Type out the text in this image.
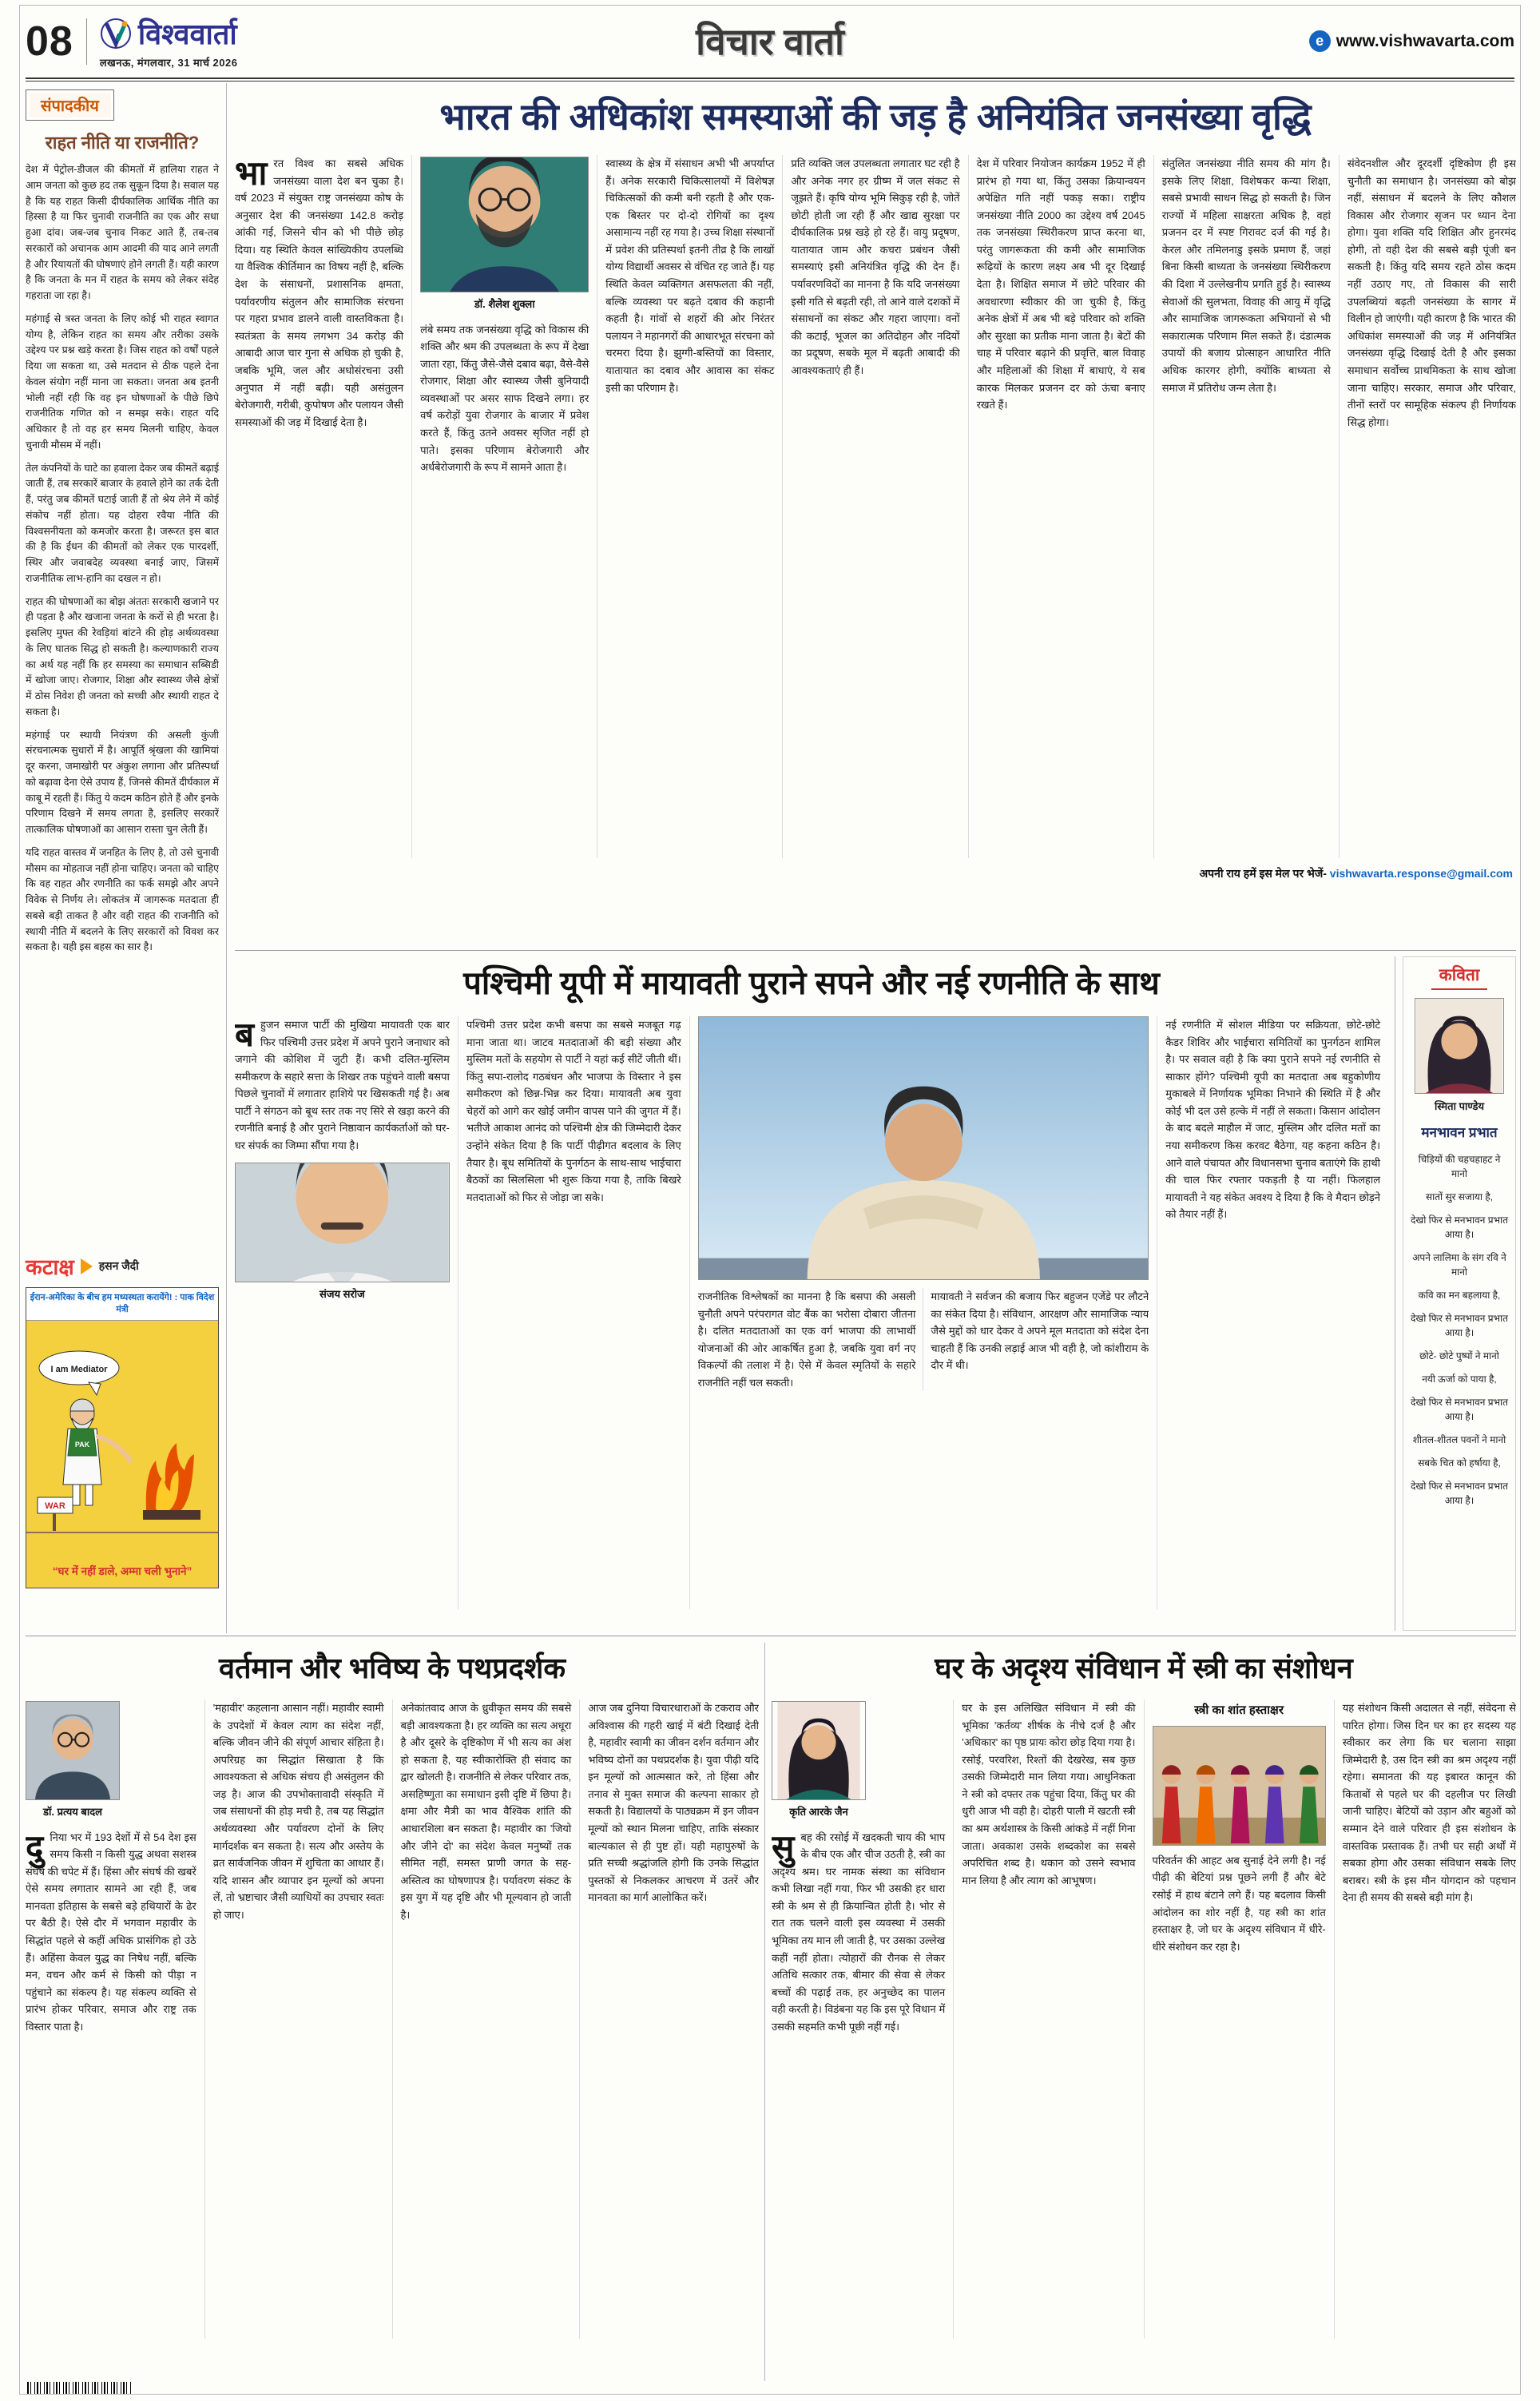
08 विश्ववार्ता
लखनऊ, मंगलवार, 31 मार्च 2026
विचार वार्ता	e www.vishwavarta.com
संपादकीय
राहत नीति या राजनीति?

देश में पेट्रोल-डीजल की कीमतों में हालिया राहत ने आम जनता को कुछ हद तक सुकून दिया है। सवाल यह है कि यह राहत किसी दीर्घकालिक आर्थिक नीति का हिस्सा है या फिर चुनावी राजनीति का एक और सधा हुआ दांव। जब-जब चुनाव निकट आते हैं, तब-तब सरकारों को अचानक आम आदमी की याद आने लगती है और रियायतों की घोषणाएं होने लगती हैं। यही कारण है कि जनता के मन में राहत के समय को लेकर संदेह गहराता जा रहा है।

महंगाई से त्रस्त जनता के लिए कोई भी राहत स्वागत योग्य है, लेकिन राहत का समय और तरीका उसके उद्देश्य पर प्रश्न खड़े करता है। जिस राहत को वर्षों पहले दिया जा सकता था, उसे मतदान से ठीक पहले देना केवल संयोग नहीं माना जा सकता। जनता अब इतनी भोली नहीं रही कि वह इन घोषणाओं के पीछे छिपे राजनीतिक गणित को न समझ सके। राहत यदि अधिकार है तो वह हर समय मिलनी चाहिए, केवल चुनावी मौसम में नहीं।

तेल कंपनियों के घाटे का हवाला देकर जब कीमतें बढ़ाई जाती हैं, तब सरकारें बाजार के हवाले होने का तर्क देती हैं, परंतु जब कीमतें घटाई जाती हैं तो श्रेय लेने में कोई संकोच नहीं होता। यह दोहरा रवैया नीति की विश्वसनीयता को कमजोर करता है। जरूरत इस बात की है कि ईंधन की कीमतों को लेकर एक पारदर्शी, स्थिर और जवाबदेह व्यवस्था बनाई जाए, जिसमें राजनीतिक लाभ-हानि का दखल न हो।

राहत की घोषणाओं का बोझ अंततः सरकारी खजाने पर ही पड़ता है और खजाना जनता के करों से ही भरता है। इसलिए मुफ्त की रेवड़ियां बांटने की होड़ अर्थव्यवस्था के लिए घातक सिद्ध हो सकती है। कल्याणकारी राज्य का अर्थ यह नहीं कि हर समस्या का समाधान सब्सिडी में खोजा जाए। रोजगार, शिक्षा और स्वास्थ्य जैसे क्षेत्रों में ठोस निवेश ही जनता को सच्ची और स्थायी राहत दे सकता है।

महंगाई पर स्थायी नियंत्रण की असली कुंजी संरचनात्मक सुधारों में है। आपूर्ति श्रृंखला की खामियां दूर करना, जमाखोरी पर अंकुश लगाना और प्रतिस्पर्धा को बढ़ावा देना ऐसे उपाय हैं, जिनसे कीमतें दीर्घकाल में काबू में रहती हैं। किंतु ये कदम कठिन होते हैं और इनके परिणाम दिखने में समय लगता है, इसलिए सरकारें तात्कालिक घोषणाओं का आसान रास्ता चुन लेती हैं।

यदि राहत वास्तव में जनहित के लिए है, तो उसे चुनावी मौसम का मोहताज नहीं होना चाहिए। जनता को चाहिए कि वह राहत और रणनीति का फर्क समझे और अपने विवेक से निर्णय ले। लोकतंत्र में जागरूक मतदाता ही सबसे बड़ी ताकत है और वही राहत की राजनीति को स्थायी नीति में बदलने के लिए सरकारों को विवश कर सकता है। यही इस बहस का सार है।

भारत की अधिकांश समस्याओं की जड़ है अनियंत्रित जनसंख्या वृद्धि
भारत विश्व का सबसे अधिक जनसंख्या वाला देश बन चुका है। वर्ष 2023 में संयुक्त राष्ट्र जनसंख्या कोष के अनुसार देश की जनसंख्या 142.8 करोड़ आंकी गई, जिसने चीन को भी पीछे छोड़ दिया। यह स्थिति केवल सांख्यिकीय उपलब्धि या वैश्विक कीर्तिमान का विषय नहीं है, बल्कि देश के संसाधनों, प्रशासनिक क्षमता, पर्यावरणीय संतुलन और सामाजिक संरचना पर गहरा प्रभाव डालने वाली वास्तविकता है। स्वतंत्रता के समय लगभग 34 करोड़ की आबादी आज चार गुना से अधिक हो चुकी है, जबकि भूमि, जल और अधोसंरचना उसी अनुपात में नहीं बढ़ी। यही असंतुलन बेरोजगारी, गरीबी, कुपोषण और पलायन जैसी समस्याओं की जड़ में दिखाई देता है।
डॉ. शैलेश शुक्ला
लंबे समय तक जनसंख्या वृद्धि को विकास की शक्ति और श्रम की उपलब्धता के रूप में देखा जाता रहा, किंतु जैसे-जैसे दबाव बढ़ा, वैसे-वैसे रोजगार, शिक्षा और स्वास्थ्य जैसी बुनियादी व्यवस्थाओं पर असर साफ दिखने लगा। हर वर्ष करोड़ों युवा रोजगार के बाजार में प्रवेश करते हैं, किंतु उतने अवसर सृजित नहीं हो पाते। इसका परिणाम बेरोजगारी और अर्धबेरोजगारी के रूप में सामने आता है।
स्वास्थ्य के क्षेत्र में संसाधन अभी भी अपर्याप्त हैं। अनेक सरकारी चिकित्सालयों में विशेषज्ञ चिकित्सकों की कमी बनी रहती है और एक-एक बिस्तर पर दो-दो रोगियों का दृश्य असामान्य नहीं रह गया है। उच्च शिक्षा संस्थानों में प्रवेश की प्रतिस्पर्धा इतनी तीव्र है कि लाखों योग्य विद्यार्थी अवसर से वंचित रह जाते हैं। यह स्थिति केवल व्यक्तिगत असफलता की नहीं, बल्कि व्यवस्था पर बढ़ते दबाव की कहानी कहती है। गांवों से शहरों की ओर निरंतर पलायन ने महानगरों की आधारभूत संरचना को चरमरा दिया है। झुग्गी-बस्तियों का विस्तार, यातायात का दबाव और आवास का संकट इसी का परिणाम है।
प्रति व्यक्ति जल उपलब्धता लगातार घट रही है और अनेक नगर हर ग्रीष्म में जल संकट से जूझते हैं। कृषि योग्य भूमि सिकुड़ रही है, जोतें छोटी होती जा रही हैं और खाद्य सुरक्षा पर दीर्घकालिक प्रश्न खड़े हो रहे हैं। वायु प्रदूषण, यातायात जाम और कचरा प्रबंधन जैसी समस्याएं इसी अनियंत्रित वृद्धि की देन हैं। पर्यावरणविदों का मानना है कि यदि जनसंख्या इसी गति से बढ़ती रही, तो आने वाले दशकों में संसाधनों का संकट और गहरा जाएगा। वनों की कटाई, भूजल का अतिदोहन और नदियों का प्रदूषण, सबके मूल में बढ़ती आबादी की आवश्यकताएं ही हैं।
देश में परिवार नियोजन कार्यक्रम 1952 में ही प्रारंभ हो गया था, किंतु उसका क्रियान्वयन अपेक्षित गति नहीं पकड़ सका। राष्ट्रीय जनसंख्या नीति 2000 का उद्देश्य वर्ष 2045 तक जनसंख्या स्थिरीकरण प्राप्त करना था, परंतु जागरूकता की कमी और सामाजिक रूढ़ियों के कारण लक्ष्य अब भी दूर दिखाई देता है। शिक्षित समाज में छोटे परिवार की अवधारणा स्वीकार की जा चुकी है, किंतु अनेक क्षेत्रों में अब भी बड़े परिवार को शक्ति और सुरक्षा का प्रतीक माना जाता है। बेटों की चाह में परिवार बढ़ाने की प्रवृत्ति, बाल विवाह और महिलाओं की शिक्षा में बाधाएं, ये सब कारक मिलकर प्रजनन दर को ऊंचा बनाए रखते हैं।
संतुलित जनसंख्या नीति समय की मांग है। इसके लिए शिक्षा, विशेषकर कन्या शिक्षा, सबसे प्रभावी साधन सिद्ध हो सकती है। जिन राज्यों में महिला साक्षरता अधिक है, वहां प्रजनन दर में स्पष्ट गिरावट दर्ज की गई है। केरल और तमिलनाडु इसके प्रमाण हैं, जहां बिना किसी बाध्यता के जनसंख्या स्थिरीकरण की दिशा में उल्लेखनीय प्रगति हुई है। स्वास्थ्य सेवाओं की सुलभता, विवाह की आयु में वृद्धि और सामाजिक जागरूकता अभियानों से भी सकारात्मक परिणाम मिल सकते हैं। दंडात्मक उपायों की बजाय प्रोत्साहन आधारित नीति अधिक कारगर होगी, क्योंकि बाध्यता से समाज में प्रतिरोध जन्म लेता है।
संवेदनशील और दूरदर्शी दृष्टिकोण ही इस चुनौती का समाधान है। जनसंख्या को बोझ नहीं, संसाधन में बदलने के लिए कौशल विकास और रोजगार सृजन पर ध्यान देना होगा। युवा शक्ति यदि शिक्षित और हुनरमंद होगी, तो वही देश की सबसे बड़ी पूंजी बन सकती है। किंतु यदि समय रहते ठोस कदम नहीं उठाए गए, तो विकास की सारी उपलब्धियां बढ़ती जनसंख्या के सागर में विलीन हो जाएंगी। यही कारण है कि भारत की अधिकांश समस्याओं की जड़ में अनियंत्रित जनसंख्या वृद्धि दिखाई देती है और इसका समाधान सर्वोच्च प्राथमिकता के साथ खोजा जाना चाहिए। सरकार, समाज और परिवार, तीनों स्तरों पर सामूहिक संकल्प ही निर्णायक सिद्ध होगा।
अपनी राय हमें इस मेल पर भेजें- vishwavarta.response@gmail.com
पश्चिमी यूपी में मायावती पुराने सपने और नई रणनीति के साथ
बहुजन समाज पार्टी की मुखिया मायावती एक बार फिर पश्चिमी उत्तर प्रदेश में अपने पुराने जनाधार को जगाने की कोशिश में जुटी हैं। कभी दलित-मुस्लिम समीकरण के सहारे सत्ता के शिखर तक पहुंचने वाली बसपा पिछले चुनावों में लगातार हाशिये पर खिसकती गई है। अब पार्टी ने संगठन को बूथ स्तर तक नए सिरे से खड़ा करने की रणनीति बनाई है और पुराने निष्ठावान कार्यकर्ताओं को घर-घर संपर्क का जिम्मा सौंपा गया है।
संजय सरोज
पश्चिमी उत्तर प्रदेश कभी बसपा का सबसे मजबूत गढ़ माना जाता था। जाटव मतदाताओं की बड़ी संख्या और मुस्लिम मतों के सहयोग से पार्टी ने यहां कई सीटें जीती थीं। किंतु सपा-रालोद गठबंधन और भाजपा के विस्तार ने इस समीकरण को छिन्न-भिन्न कर दिया। मायावती अब युवा चेहरों को आगे कर खोई जमीन वापस पाने की जुगत में हैं। भतीजे आकाश आनंद को पश्चिमी क्षेत्र की जिम्मेदारी देकर उन्होंने संकेत दिया है कि पार्टी पीढ़ीगत बदलाव के लिए तैयार है। बूथ समितियों के पुनर्गठन के साथ-साथ भाईचारा बैठकों का सिलसिला भी शुरू किया गया है, ताकि बिखरे मतदाताओं को फिर से जोड़ा जा सके।
राजनीतिक विश्लेषकों का मानना है कि बसपा की असली चुनौती अपने परंपरागत वोट बैंक का भरोसा दोबारा जीतना है। दलित मतदाताओं का एक वर्ग भाजपा की लाभार्थी योजनाओं की ओर आकर्षित हुआ है, जबकि युवा वर्ग नए विकल्पों की तलाश में है। ऐसे में केवल स्मृतियों के सहारे राजनीति नहीं चल सकती।
मायावती ने सर्वजन की बजाय फिर बहुजन एजेंडे पर लौटने का संकेत दिया है। संविधान, आरक्षण और सामाजिक न्याय जैसे मुद्दों को धार देकर वे अपने मूल मतदाता को संदेश देना चाहती हैं कि उनकी लड़ाई आज भी वही है, जो कांशीराम के दौर में थी।
नई रणनीति में सोशल मीडिया पर सक्रियता, छोटे-छोटे कैडर शिविर और भाईचारा समितियों का पुनर्गठन शामिल है। पर सवाल वही है कि क्या पुराने सपने नई रणनीति से साकार होंगे? पश्चिमी यूपी का मतदाता अब बहुकोणीय मुकाबले में निर्णायक भूमिका निभाने की स्थिति में है और कोई भी दल उसे हल्के में नहीं ले सकता। किसान आंदोलन के बाद बदले माहौल में जाट, मुस्लिम और दलित मतों का नया समीकरण किस करवट बैठेगा, यह कहना कठिन है। आने वाले पंचायत और विधानसभा चुनाव बताएंगे कि हाथी की चाल फिर रफ्तार पकड़ती है या नहीं। फिलहाल मायावती ने यह संकेत अवश्य दे दिया है कि वे मैदान छोड़ने को तैयार नहीं हैं।
कविता
स्मिता पाण्डेय
मनभावन प्रभात
चिड़ियों की चहचहाहट ने मानो
सातों सुर सजाया है,
देखो फिर से मनभावन प्रभात आया है।
अपने लालिमा के संग रवि ने मानो
कवि का मन बहलाया है,
देखो फिर से मनभावन प्रभात आया है।
छोटे- छोटे पुष्पों ने मानो
नयी ऊर्जा को पाया है,
देखो फिर से मनभावन प्रभात आया है।
शीतल-शीतल पवनों ने मानो
सबके चित को हर्षाया है,
देखो फिर से मनभावन प्रभात आया है।
कटाक्ष हसन जैदी
ईरान-अमेरिका के बीच हम मध्यस्थता करायेंगे! : पाक विदेश मंत्री
I am Mediator
PAK
WAR
“घर में नहीं डाले, अम्मा चली भुनाने”
वर्तमान और भविष्य के पथप्रदर्शक
डॉ. प्रत्यय बादल
दु निया भर में 193 देशों में से 54 देश इस समय किसी न किसी युद्ध अथवा सशस्त्र संघर्ष की चपेट में हैं। हिंसा और संघर्ष की खबरें ऐसे समय लगातार सामने आ रही हैं, जब मानवता इतिहास के सबसे बड़े हथियारों के ढेर पर बैठी है। ऐसे दौर में भगवान महावीर के सिद्धांत पहले से कहीं अधिक प्रासंगिक हो उठे हैं। अहिंसा केवल युद्ध का निषेध नहीं, बल्कि मन, वचन और कर्म से किसी को पीड़ा न पहुंचाने का संकल्प है। यह संकल्प व्यक्ति से प्रारंभ होकर परिवार, समाज और राष्ट्र तक विस्तार पाता है।
'महावीर' कहलाना आसान नहीं। महावीर स्वामी के उपदेशों में केवल त्याग का संदेश नहीं, बल्कि जीवन जीने की संपूर्ण आचार संहिता है। अपरिग्रह का सिद्धांत सिखाता है कि आवश्यकता से अधिक संचय ही असंतुलन की जड़ है। आज की उपभोक्तावादी संस्कृति में जब संसाधनों की होड़ मची है, तब यह सिद्धांत अर्थव्यवस्था और पर्यावरण दोनों के लिए मार्गदर्शक बन सकता है। सत्य और अस्तेय के व्रत सार्वजनिक जीवन में शुचिता का आधार हैं। यदि शासन और व्यापार इन मूल्यों को अपना लें, तो भ्रष्टाचार जैसी व्याधियों का उपचार स्वतः हो जाए।
अनेकांतवाद आज के ध्रुवीकृत समय की सबसे बड़ी आवश्यकता है। हर व्यक्ति का सत्य अधूरा है और दूसरे के दृष्टिकोण में भी सत्य का अंश हो सकता है, यह स्वीकारोक्ति ही संवाद का द्वार खोलती है। राजनीति से लेकर परिवार तक, असहिष्णुता का समाधान इसी दृष्टि में छिपा है। क्षमा और मैत्री का भाव वैश्विक शांति की आधारशिला बन सकता है। महावीर का 'जियो और जीने दो' का संदेश केवल मनुष्यों तक सीमित नहीं, समस्त प्राणी जगत के सह-अस्तित्व का घोषणापत्र है। पर्यावरण संकट के इस युग में यह दृष्टि और भी मूल्यवान हो जाती है।
आज जब दुनिया विचारधाराओं के टकराव और अविश्वास की गहरी खाई में बंटी दिखाई देती है, महावीर स्वामी का जीवन दर्शन वर्तमान और भविष्य दोनों का पथप्रदर्शक है। युवा पीढ़ी यदि इन मूल्यों को आत्मसात करे, तो हिंसा और तनाव से मुक्त समाज की कल्पना साकार हो सकती है। विद्यालयों के पाठ्यक्रम में इन जीवन मूल्यों को स्थान मिलना चाहिए, ताकि संस्कार बाल्यकाल से ही पुष्ट हों। यही महापुरुषों के प्रति सच्ची श्रद्धांजलि होगी कि उनके सिद्धांत पुस्तकों से निकलकर आचरण में उतरें और मानवता का मार्ग आलोकित करें।
घर के अदृश्य संविधान में स्त्री का संशोधन
कृति आरके जैन
सु बह की रसोई में खदकती चाय की भाप के बीच एक और चीज उठती है, स्त्री का अदृश्य श्रम। घर नामक संस्था का संविधान कभी लिखा नहीं गया, फिर भी उसकी हर धारा स्त्री के श्रम से ही क्रियान्वित होती है। भोर से रात तक चलने वाली इस व्यवस्था में उसकी भूमिका तय मान ली जाती है, पर उसका उल्लेख कहीं नहीं होता। त्योहारों की रौनक से लेकर अतिथि सत्कार तक, बीमार की सेवा से लेकर बच्चों की पढ़ाई तक, हर अनुच्छेद का पालन वही करती है। विडंबना यह कि इस पूरे विधान में उसकी सहमति कभी पूछी नहीं गई।
घर के इस अलिखित संविधान में स्त्री की भूमिका 'कर्तव्य' शीर्षक के नीचे दर्ज है और 'अधिकार' का पृष्ठ प्रायः कोरा छोड़ दिया गया है। रसोई, परवरिश, रिश्तों की देखरेख, सब कुछ उसकी जिम्मेदारी मान लिया गया। आधुनिकता ने स्त्री को दफ्तर तक पहुंचा दिया, किंतु घर की धुरी आज भी वही है। दोहरी पाली में खटती स्त्री का श्रम अर्थशास्त्र के किसी आंकड़े में नहीं गिना जाता। अवकाश उसके शब्दकोश का सबसे अपरिचित शब्द है। थकान को उसने स्वभाव मान लिया है और त्याग को आभूषण।
स्त्री का शांत हस्ताक्षर
परिवर्तन की आहट अब सुनाई देने लगी है। नई पीढ़ी की बेटियां प्रश्न पूछने लगी हैं और बेटे रसोई में हाथ बंटाने लगे हैं। यह बदलाव किसी आंदोलन का शोर नहीं है, यह स्त्री का शांत हस्ताक्षर है, जो घर के अदृश्य संविधान में धीरे-धीरे संशोधन कर रहा है।
यह संशोधन किसी अदालत से नहीं, संवेदना से पारित होगा। जिस दिन घर का हर सदस्य यह स्वीकार कर लेगा कि घर चलाना साझा जिम्मेदारी है, उस दिन स्त्री का श्रम अदृश्य नहीं रहेगा। समानता की यह इबारत कानून की किताबों से पहले घर की दहलीज पर लिखी जानी चाहिए। बेटियों को उड़ान और बहुओं को सम्मान देने वाले परिवार ही इस संशोधन के वास्तविक प्रस्तावक हैं। तभी घर सही अर्थों में सबका होगा और उसका संविधान सबके लिए बराबर। स्त्री के इस मौन योगदान को पहचान देना ही समय की सबसे बड़ी मांग है।
